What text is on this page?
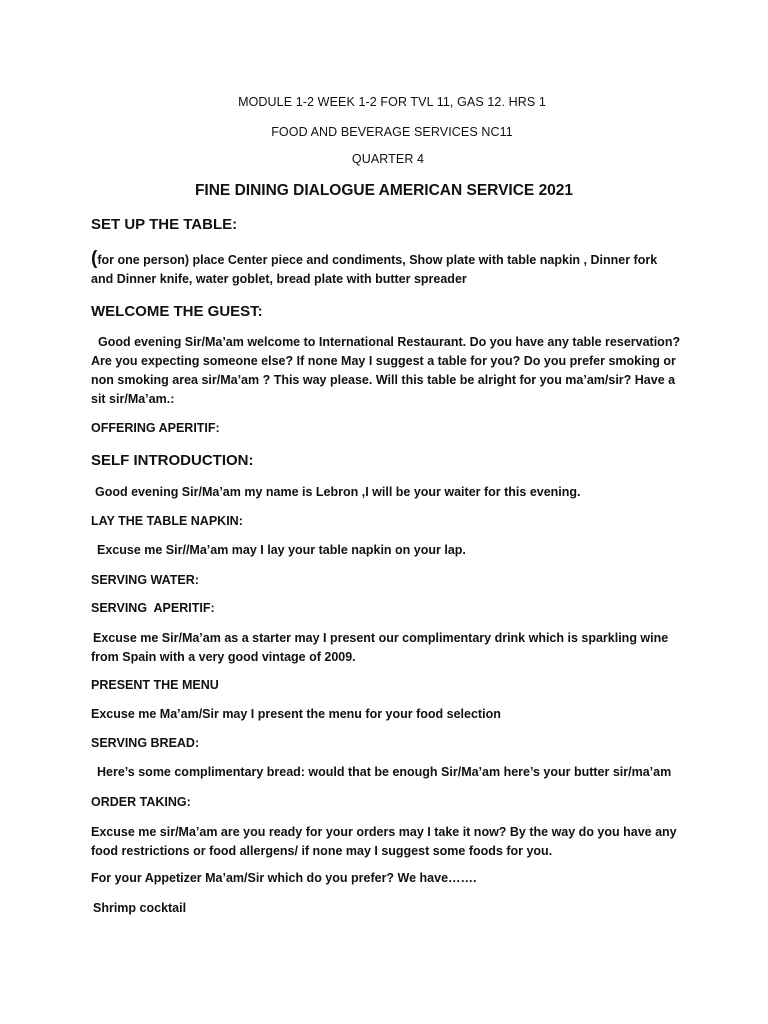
MODULE 1-2 WEEK 1-2 FOR TVL 11, GAS 12. HRS 1
FOOD AND BEVERAGE SERVICES NC11
QUARTER 4
FINE DINING DIALOGUE AMERICAN SERVICE 2021
SET UP THE TABLE:
(for one person) place Center piece and condiments, Show plate with table napkin , Dinner fork and Dinner knife, water goblet, bread plate with butter spreader
WELCOME THE GUEST:
Good evening Sir/Ma’am welcome to International Restaurant. Do you have any table reservation? Are you expecting someone else? If none May I suggest a table for you? Do you prefer smoking or non smoking area sir/Ma’am ? This way please. Will this table be alright for you ma’am/sir? Have a sit sir/Ma’am.:
OFFERING APERITIF:
SELF INTRODUCTION:
Good evening Sir/Ma’am my name is Lebron ,I will be your waiter for this evening.
LAY THE TABLE NAPKIN:
Excuse me Sir//Ma’am may I lay your table napkin on your lap.
SERVING WATER:
SERVING  APERITIF:
Excuse me Sir/Ma’am as a starter may I present our complimentary drink which is sparkling wine from Spain with a very good vintage of 2009.
PRESENT THE MENU
Excuse me Ma’am/Sir may I present the menu for your food selection
SERVING BREAD:
Here’s some complimentary bread: would that be enough Sir/Ma’am here’s your butter sir/ma’am
ORDER TAKING:
Excuse me sir/Ma’am are you ready for your orders may I take it now? By the way do you have any food restrictions or food allergens/ if none may I suggest some foods for you.
For your Appetizer Ma’am/Sir which do you prefer? We have…….
Shrimp cocktail
